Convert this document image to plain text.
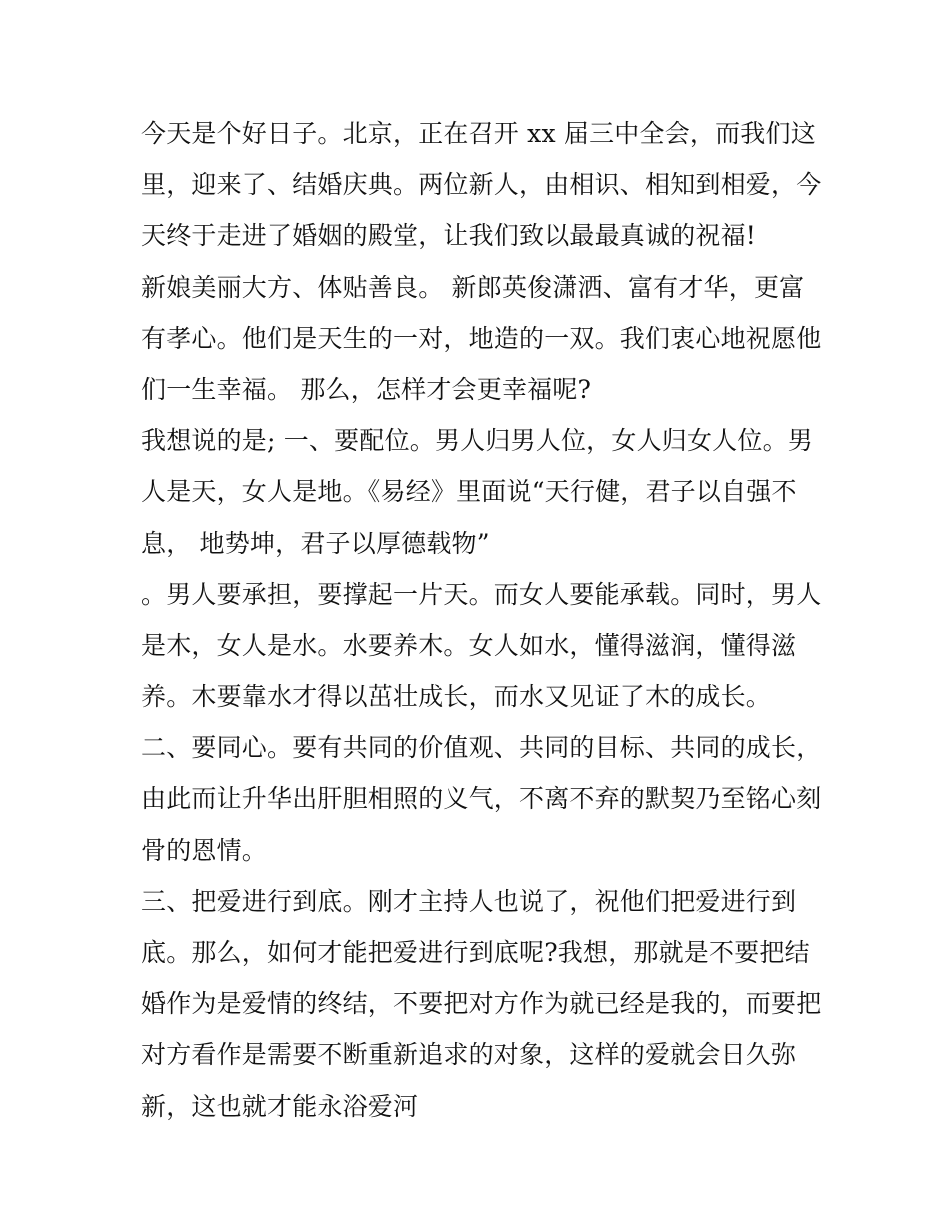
今天是个好日子。北京，正在召开 xx 届三中全会，而我们这
里，迎来了、结婚庆典。两位新人，由相识、相知到相爱，今
天终于走进了婚姻的殿堂，让我们致以最最真诚的祝福!
新娘美丽大方、体贴善良。 新郎英俊潇洒、富有才华，更富
有孝心。他们是天生的一对，地造的一双。我们衷心地祝愿他
们一生幸福。 那么，怎样才会更幸福呢?
我想说的是; 一、要配位。男人归男人位，女人归女人位。男
人是天，女人是地。《易经》里面说“天行健，君子以自强不
息， 地势坤，君子以厚德载物”
。男人要承担，要撑起一片天。而女人要能承载。同时，男人
是木，女人是水。水要养木。女人如水，懂得滋润，懂得滋
养。木要靠水才得以茁壮成长，而水又见证了木的成长。
二、要同心。要有共同的价值观、共同的目标、共同的成长，
由此而让升华出肝胆相照的义气，不离不弃的默契乃至铭心刻
骨的恩情。
三、把爱进行到底。刚才主持人也说了，祝他们把爱进行到
底。那么，如何才能把爱进行到底呢?我想，那就是不要把结
婚作为是爱情的终结，不要把对方作为就已经是我的，而要把
对方看作是需要不断重新追求的对象，这样的爱就会日久弥
新，这也就才能永浴爱河
